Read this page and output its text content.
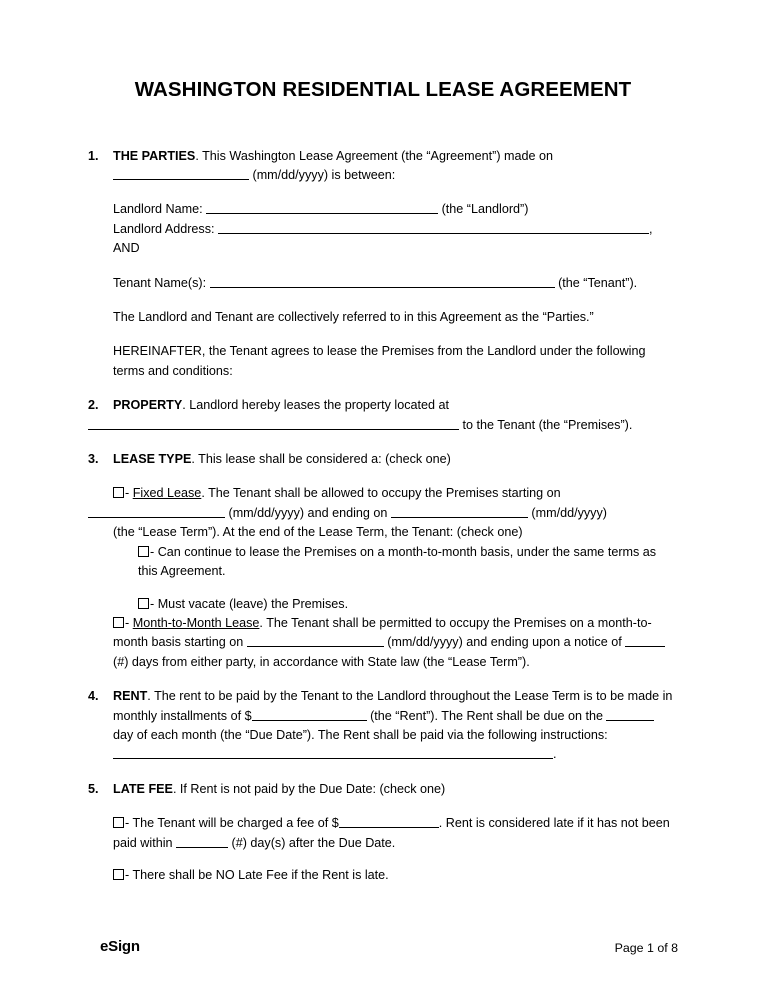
WASHINGTON RESIDENTIAL LEASE AGREEMENT
1. THE PARTIES. This Washington Lease Agreement (the “Agreement”) made on
(mm/dd/yyyy) is between:

Landlord Name:	(the “Landlord”)
Landlord Address:	, AND

Tenant Name(s):	(the “Tenant”).

The Landlord and Tenant are collectively referred to in this Agreement as the “Parties.”

HEREINAFTER, the Tenant agrees to lease the Premises from the Landlord under the following terms and conditions:

2. PROPERTY. Landlord hereby leases the property located at

to the Tenant (the “Premises”).

3. LEASE TYPE. This lease shall be considered a: (check one)

- Fixed Lease. The Tenant shall be allowed to occupy the Premises starting on
(mm/dd/yyyy) and ending on	(mm/dd/yyyy)
(the “Lease Term”). At the end of the Lease Term, the Tenant: (check one)

- Can continue to lease the Premises on a month-to-month basis, under the same terms as this Agreement.

- Must vacate (leave) the Premises.

- Month-to-Month Lease. The Tenant shall be permitted to occupy the Premises on a month-to-month basis starting on	(mm/dd/yyyy) and ending upon a notice of  (#) days from either party, in accordance with State law (the “Lease Term”).

4. RENT. The rent to be paid by the Tenant to the Landlord throughout the Lease Term is to be made in monthly installments of $	(the “Rent”). The Rent shall be due on the  day of each month (the “Due Date”). The Rent shall be paid via the following instructions: .

5. LATE FEE. If Rent is not paid by the Due Date: (check one)

- The Tenant will be charged a fee of $	. Rent is considered late if it has not been paid within	(#) day(s) after the Due Date.

- There shall be NO Late Fee if the Rent is late.

eSign	Page 1 of 8
